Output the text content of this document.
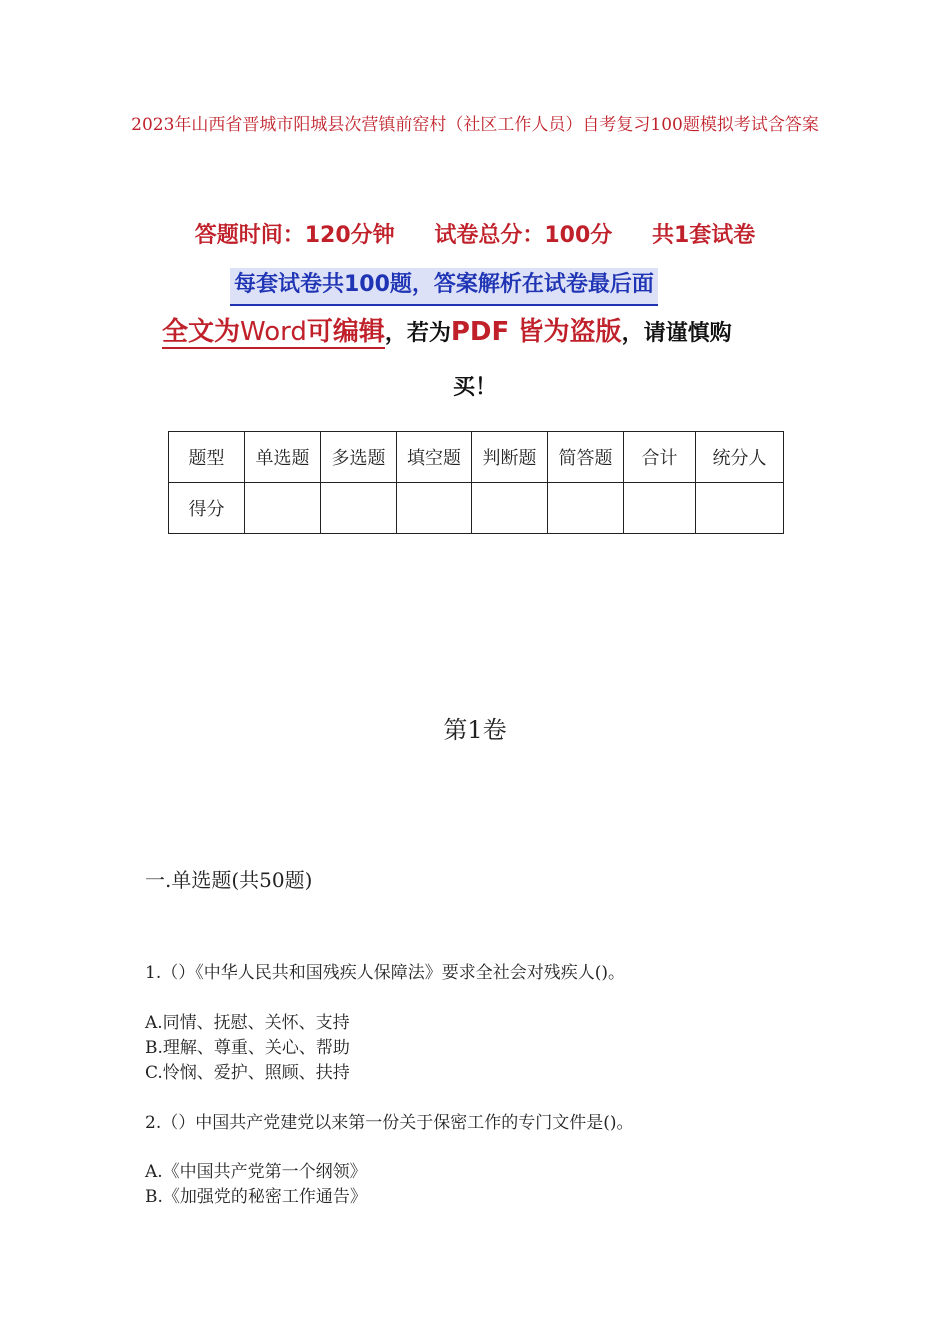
2023年山西省晋城市阳城县次营镇前窑村（社区工作人员）自考复习100题模拟考试含答案
答题时间：120分钟 试卷总分：100分 共1套试卷
每套试卷共100题，答案解析在试卷最后面
全文为Word可编辑，若为PDF 皆为盗版，请谨慎购
买！
题型	单选题	多选题	填空题	判断题	简答题	合计	统分人
得分							
第1卷
一.单选题(共50题)
1.（）《中华人民共和国残疾人保障法》要求全社会对残疾人()。
A.同情、抚慰、关怀、支持
B.理解、尊重、关心、帮助
C.怜悯、爱护、照顾、扶持
2.（）中国共产党建党以来第一份关于保密工作的专门文件是()。
A.《中国共产党第一个纲领》
B.《加强党的秘密工作通告》
